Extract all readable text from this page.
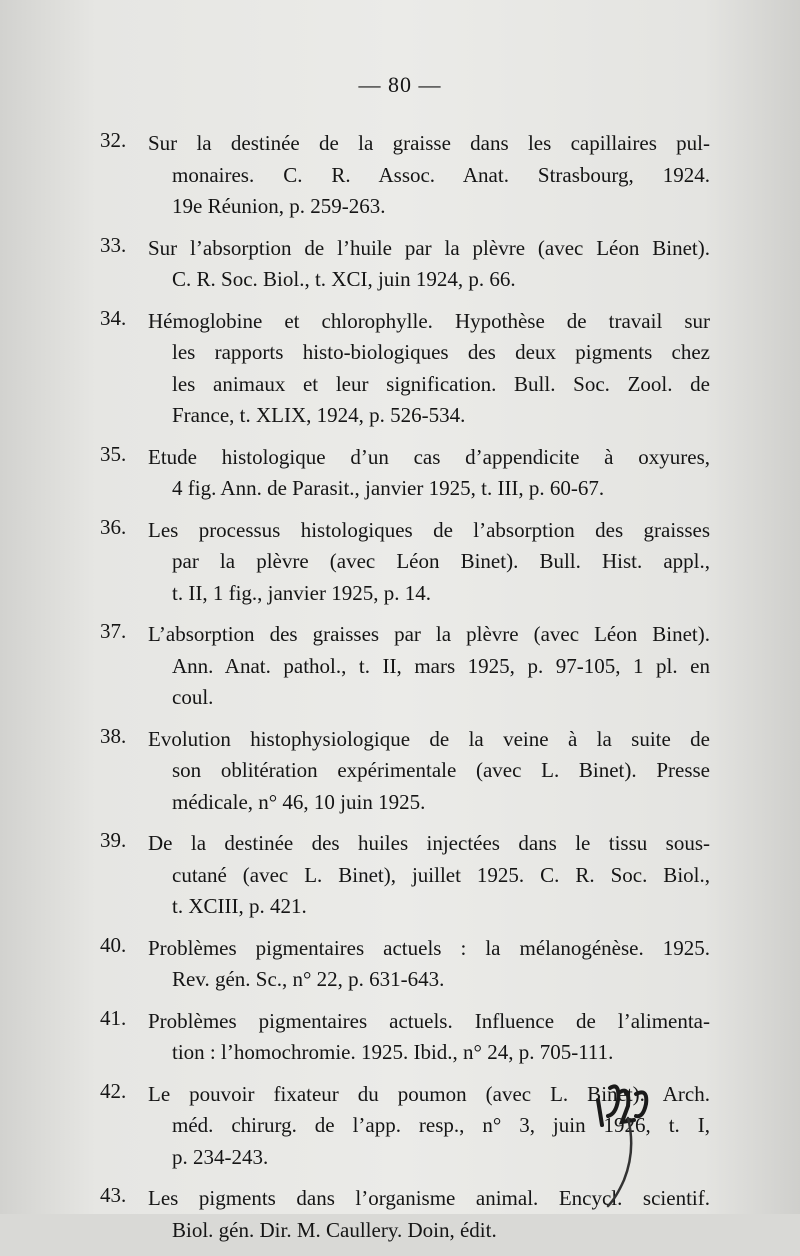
— 80 —
32.	Sur la destinée de la graisse dans les capillaires pul-
monaires. C. R. Assoc. Anat. Strasbourg, 1924.
19e Réunion, p. 259-263.
33.	Sur l’absorption de l’huile par la plèvre (avec Léon Binet).
C. R. Soc. Biol., t. XCI, juin 1924, p. 66.
34.	Hémoglobine et chlorophylle. Hypothèse de travail sur
les rapports histo-biologiques des deux pigments chez
les animaux et leur signification. Bull. Soc. Zool. de
France, t. XLIX, 1924, p. 526-534.
35.	Etude histologique d’un cas d’appendicite à oxyures,
4 fig. Ann. de Parasit., janvier 1925, t. III, p. 60-67.
36.	Les processus histologiques de l’absorption des graisses
par la plèvre (avec Léon Binet). Bull. Hist. appl.,
t. II, 1 fig., janvier 1925, p. 14.
37.	L’absorption des graisses par la plèvre (avec Léon Binet).
Ann. Anat. pathol., t. II, mars 1925, p. 97-105, 1 pl. en
coul.
38.	Evolution histophysiologique de la veine à la suite de
son oblitération expérimentale (avec L. Binet). Presse
médicale, n° 46, 10 juin 1925.
39.	De la destinée des huiles injectées dans le tissu sous-
cutané (avec L. Binet), juillet 1925. C. R. Soc. Biol.,
t. XCIII, p. 421.
40.	Problèmes pigmentaires actuels : la mélanogénèse. 1925.
Rev. gén. Sc., n° 22, p. 631-643.
41.	Problèmes pigmentaires actuels. Influence de l’alimenta-
tion : l’homochromie. 1925. Ibid., n° 24, p. 705-111.
42.	Le pouvoir fixateur du poumon (avec L. Binet). Arch.
méd. chirurg. de l’app. resp., n° 3, juin 1926, t. I,
p. 234-243.
43.	Les pigments dans l’organisme animal. Encycl. scientif.
Biol. gén. Dir. M. Caullery. Doin, édit.
